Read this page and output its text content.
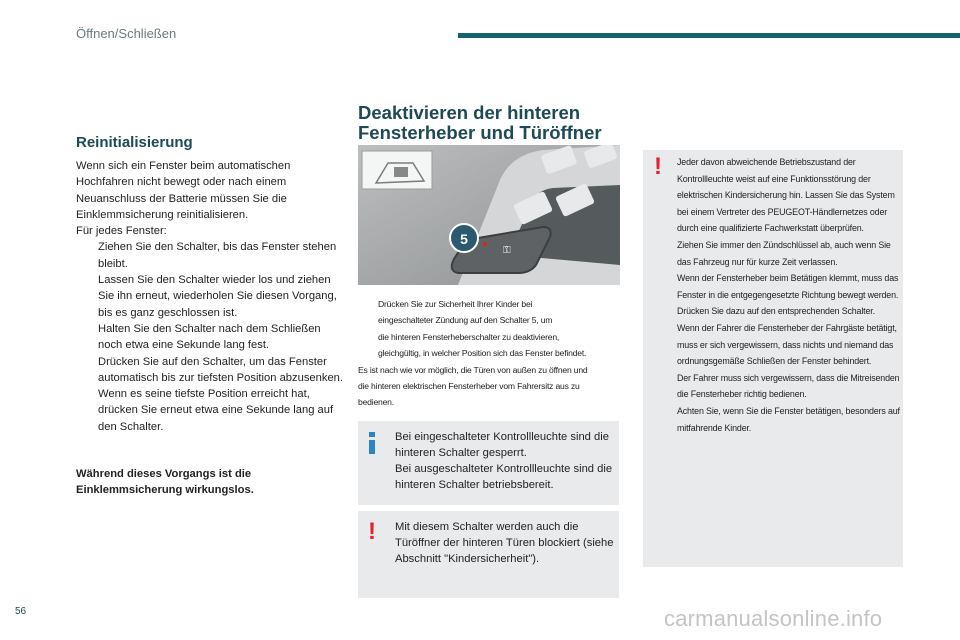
Öffnen/Schließen
Reinitialisierung

Wenn sich ein Fenster beim automatischen Hochfahren nicht bewegt oder nach einem Neuanschluss der Batterie müssen Sie die Einklemmsicherung reinitialisieren.

Für jedes Fenster:

Ziehen Sie den Schalter, bis das Fenster stehen bleibt.
Lassen Sie den Schalter wieder los und ziehen Sie ihn erneut, wiederholen Sie diesen Vorgang, bis es ganz geschlossen ist.
Halten Sie den Schalter nach dem Schließen noch etwa eine Sekunde lang fest.
Drücken Sie auf den Schalter, um das Fenster automatisch bis zur tiefsten Position abzusenken.
Wenn es seine tiefste Position erreicht hat, drücken Sie erneut etwa eine Sekunde lang auf den Schalter.

Während dieses Vorgangs ist die Einklemmsicherung wirkungslos.

Deaktivieren der hinteren
Fensterheber und Türöffner
⚿
5
Drücken Sie zur Sicherheit Ihrer Kinder bei
eingeschalteter Zündung auf den Schalter 5, um
die hinteren Fensterheberschalter zu deaktivieren,
gleichgültig, in welcher Position sich das Fenster befindet.
Es ist nach wie vor möglich, die Türen von außen zu öffnen und
die hinteren elektrischen Fensterheber vom Fahrersitz aus zu
bedienen.
Bei eingeschalteter Kontrollleuchte sind die hinteren Schalter gesperrt.
Bei ausgeschalteter Kontrollleuchte sind die hinteren Schalter betriebsbereit.
! Mit diesem Schalter werden auch die Türöffner der hinteren Türen blockiert (siehe Abschnitt "Kindersicherheit").
! Jeder davon abweichende Betriebszustand der Kontrollleuchte weist auf eine Funktionsstörung der elektrischen Kindersicherung hin. Lassen Sie das System bei einem Vertreter des PEUGEOT-Händlernetzes oder durch eine qualifizierte Fachwerkstatt überprüfen.
Ziehen Sie immer den Zündschlüssel ab, auch wenn Sie das Fahrzeug nur für kurze Zeit verlassen.
Wenn der Fensterheber beim Betätigen klemmt, muss das Fenster in die entgegengesetzte Richtung bewegt werden. Drücken Sie dazu auf den entsprechenden Schalter.
Wenn der Fahrer die Fensterheber der Fahrgäste betätigt, muss er sich vergewissern, dass nichts und niemand das ordnungsgemäße Schließen der Fenster behindert.
Der Fahrer muss sich vergewissern, dass die Mitreisenden die Fensterheber richtig bedienen.
Achten Sie, wenn Sie die Fenster betätigen, besonders auf mitfahrende Kinder.
56	carmanualsonline.info
